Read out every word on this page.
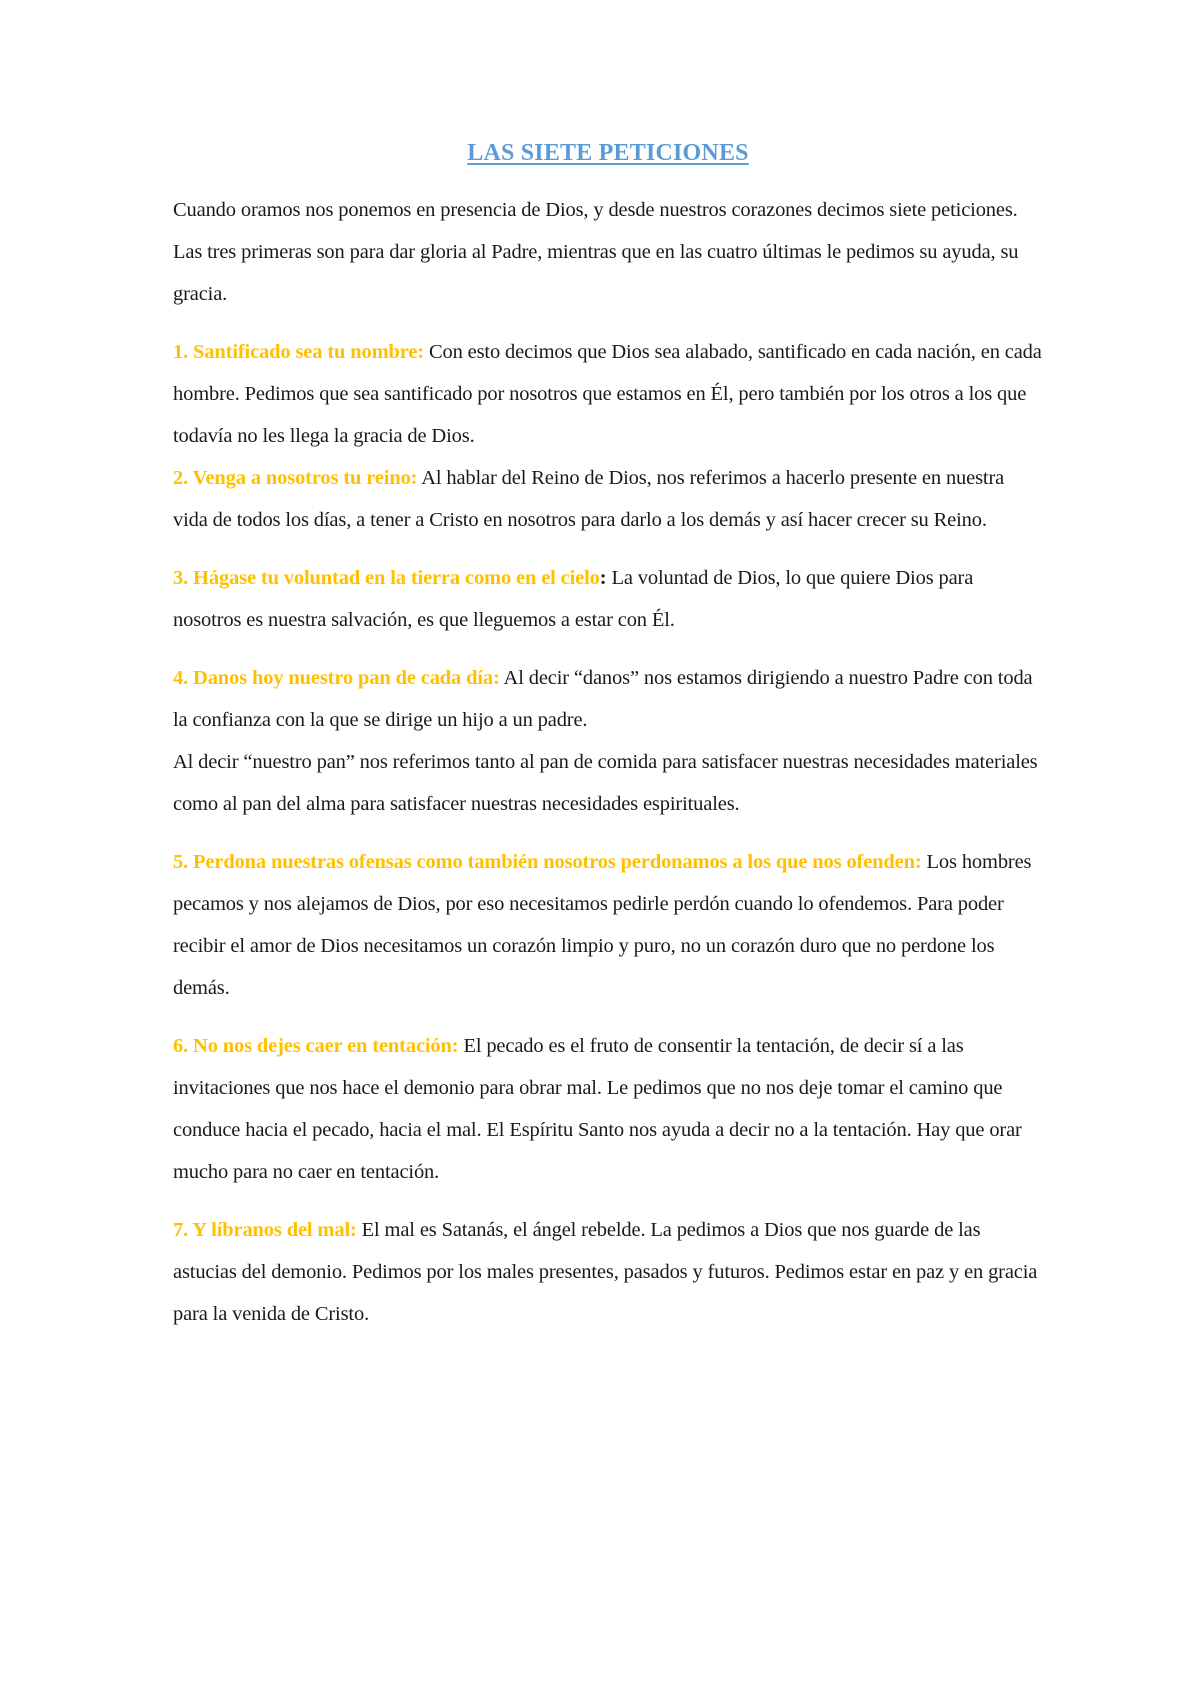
LAS SIETE PETICIONES

Cuando oramos nos ponemos en presencia de Dios, y desde nuestros corazones decimos siete peticiones. Las tres primeras son para dar gloria al Padre, mientras que en las cuatro últimas le pedimos su ayuda, su gracia.

1. Santificado sea tu nombre: Con esto decimos que Dios sea alabado, santificado en cada nación, en cada hombre. Pedimos que sea santificado por nosotros que estamos en Él, pero también por los otros a los que todavía no les llega la gracia de Dios.

2. Venga a nosotros tu reino: Al hablar del Reino de Dios, nos referimos a hacerlo presente en nuestra vida de todos los días, a tener a Cristo en nosotros para darlo a los demás y así hacer crecer su Reino.

3. Hágase tu voluntad en la tierra como en el cielo: La voluntad de Dios, lo que quiere Dios para nosotros es nuestra salvación, es que lleguemos a estar con Él.

4. Danos hoy nuestro pan de cada día: Al decir “danos” nos estamos dirigiendo a nuestro Padre con toda la confianza con la que se dirige un hijo a un padre.

Al decir “nuestro pan” nos referimos tanto al pan de comida para satisfacer nuestras necesidades materiales como al pan del alma para satisfacer nuestras necesidades espirituales.

5. Perdona nuestras ofensas como también nosotros perdonamos a los que nos ofenden: Los hombres pecamos y nos alejamos de Dios, por eso necesitamos pedirle perdón cuando lo ofendemos. Para poder recibir el amor de Dios necesitamos un corazón limpio y puro, no un corazón duro que no perdone los demás.

6. No nos dejes caer en tentación: El pecado es el fruto de consentir la tentación, de decir sí a las invitaciones que nos hace el demonio para obrar mal. Le pedimos que no nos deje tomar el camino que conduce hacia el pecado, hacia el mal. El Espíritu Santo nos ayuda a decir no a la tentación. Hay que orar mucho para no caer en tentación.

7. Y líbranos del mal: El mal es Satanás, el ángel rebelde. La pedimos a Dios que nos guarde de las astucias del demonio. Pedimos por los males presentes, pasados y futuros. Pedimos estar en paz y en gracia para la venida de Cristo.
